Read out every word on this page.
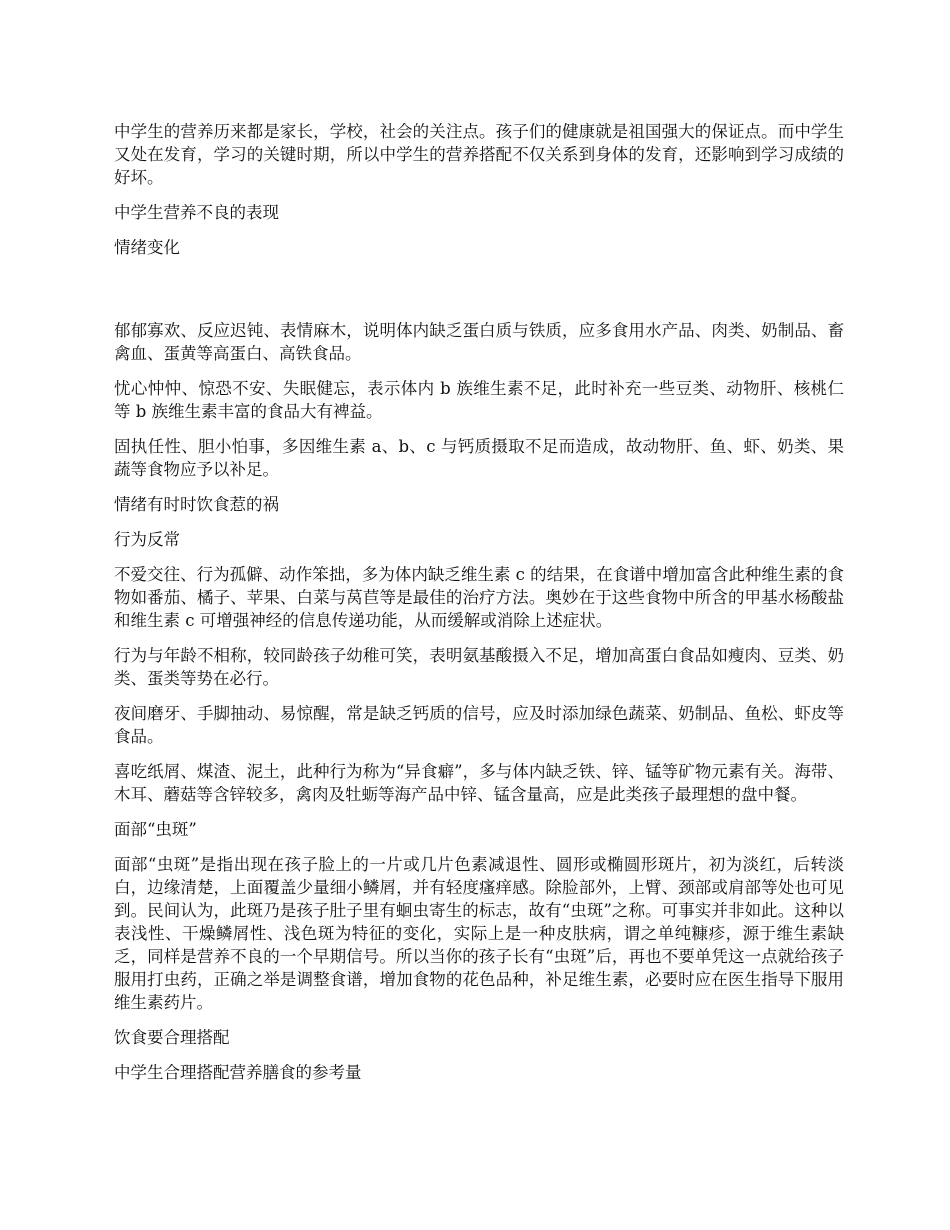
中学生的营养历来都是家长，学校，社会的关注点。孩子们的健康就是祖国强大的保证点。而中学生又处在发育，学习的关键时期，所以中学生的营养搭配不仅关系到身体的发育，还影响到学习成绩的好坏。

中学生营养不良的表现

情绪变化

郁郁寡欢、反应迟钝、表情麻木，说明体内缺乏蛋白质与铁质，应多食用水产品、肉类、奶制品、畜禽血、蛋黄等高蛋白、高铁食品。

忧心忡忡、惊恐不安、失眠健忘，表示体内 b 族维生素不足，此时补充一些豆类、动物肝、核桃仁等 b 族维生素丰富的食品大有裨益。

固执任性、胆小怕事，多因维生素 a、b、c 与钙质摄取不足而造成，故动物肝、鱼、虾、奶类、果蔬等食物应予以补足。

情绪有时时饮食惹的祸

行为反常

不爱交往、行为孤僻、动作笨拙，多为体内缺乏维生素 c 的结果，在食谱中增加富含此种维生素的食物如番茄、橘子、苹果、白菜与莴苣等是最佳的治疗方法。奥妙在于这些食物中所含的甲基水杨酸盐和维生素 c 可增强神经的信息传递功能，从而缓解或消除上述症状。

行为与年龄不相称，较同龄孩子幼稚可笑，表明氨基酸摄入不足，增加高蛋白食品如瘦肉、豆类、奶类、蛋类等势在必行。

夜间磨牙、手脚抽动、易惊醒，常是缺乏钙质的信号，应及时添加绿色蔬菜、奶制品、鱼松、虾皮等食品。

喜吃纸屑、煤渣、泥土，此种行为称为“异食癖”，多与体内缺乏铁、锌、锰等矿物元素有关。海带、木耳、蘑菇等含锌较多，禽肉及牡蛎等海产品中锌、锰含量高，应是此类孩子最理想的盘中餐。

面部“虫斑”

面部“虫斑”是指出现在孩子脸上的一片或几片色素减退性、圆形或椭圆形斑片，初为淡红，后转淡白，边缘清楚，上面覆盖少量细小鳞屑，并有轻度瘙痒感。除脸部外，上臂、颈部或肩部等处也可见到。民间认为，此斑乃是孩子肚子里有蛔虫寄生的标志，故有“虫斑”之称。可事实并非如此。这种以表浅性、干燥鳞屑性、浅色斑为特征的变化，实际上是一种皮肤病，谓之单纯糠疹，源于维生素缺乏，同样是营养不良的一个早期信号。所以当你的孩子长有“虫斑”后，再也不要单凭这一点就给孩子服用打虫药，正确之举是调整食谱，增加食物的花色品种，补足维生素，必要时应在医生指导下服用维生素药片。

饮食要合理搭配

中学生合理搭配营养膳食的参考量
